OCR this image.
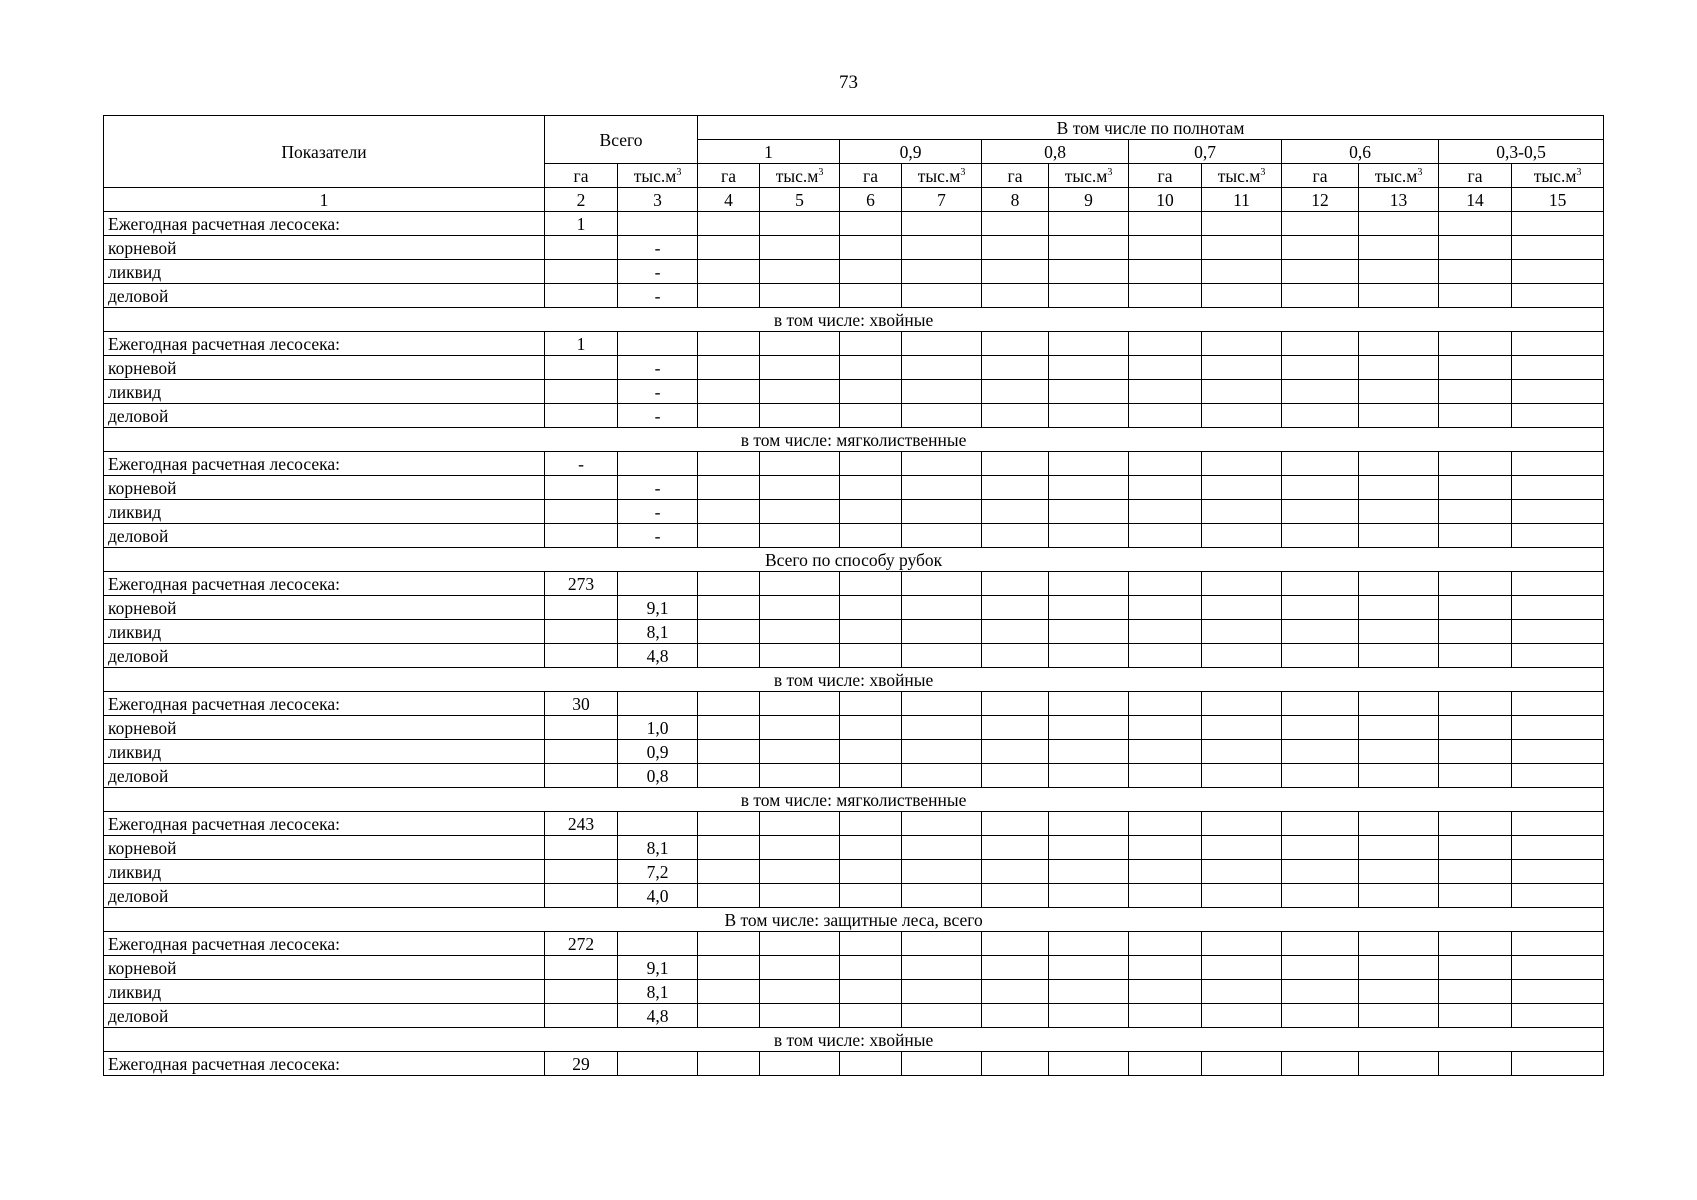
73
Показатели	Всего		В том числе по полнотам											
			1		0,9		0,8		0,7		0,6		0,3-0,5	
	га	$тыс.м^3$	га	$тыс.м^3$	га	$тыс.м^3$	га	$тыс.м^3$	га	$тыс.м^3$	га	$тыс.м^3$	га	$тыс.м^3$
1	2	3	4	5	6	7	8	9	10	11	12	13	14	15
Ежегодная расчетная лесосека:	1													
корневой		-												
ликвид		-												
деловой		-												
в том числе: хвойные														
Ежегодная расчетная лесосека:	1													
корневой		-												
ликвид		-												
деловой		-												
в том числе: мягколиственные														
Ежегодная расчетная лесосека:	-													
корневой		-												
ликвид		-												
деловой		-												
Всего по способу рубок														
Ежегодная расчетная лесосека:	273													
корневой		9,1												
ликвид		8,1												
деловой		4,8												
в том числе: хвойные														
Ежегодная расчетная лесосека:	30													
корневой		1,0												
ликвид		0,9												
деловой		0,8												
в том числе: мягколиственные														
Ежегодная расчетная лесосека:	243													
корневой		8,1												
ликвид		7,2												
деловой		4,0												
В том числе: защитные леса, всего														
Ежегодная расчетная лесосека:	272													
корневой		9,1												
ликвид		8,1												
деловой		4,8												
в том числе: хвойные														
Ежегодная расчетная лесосека:	29													
